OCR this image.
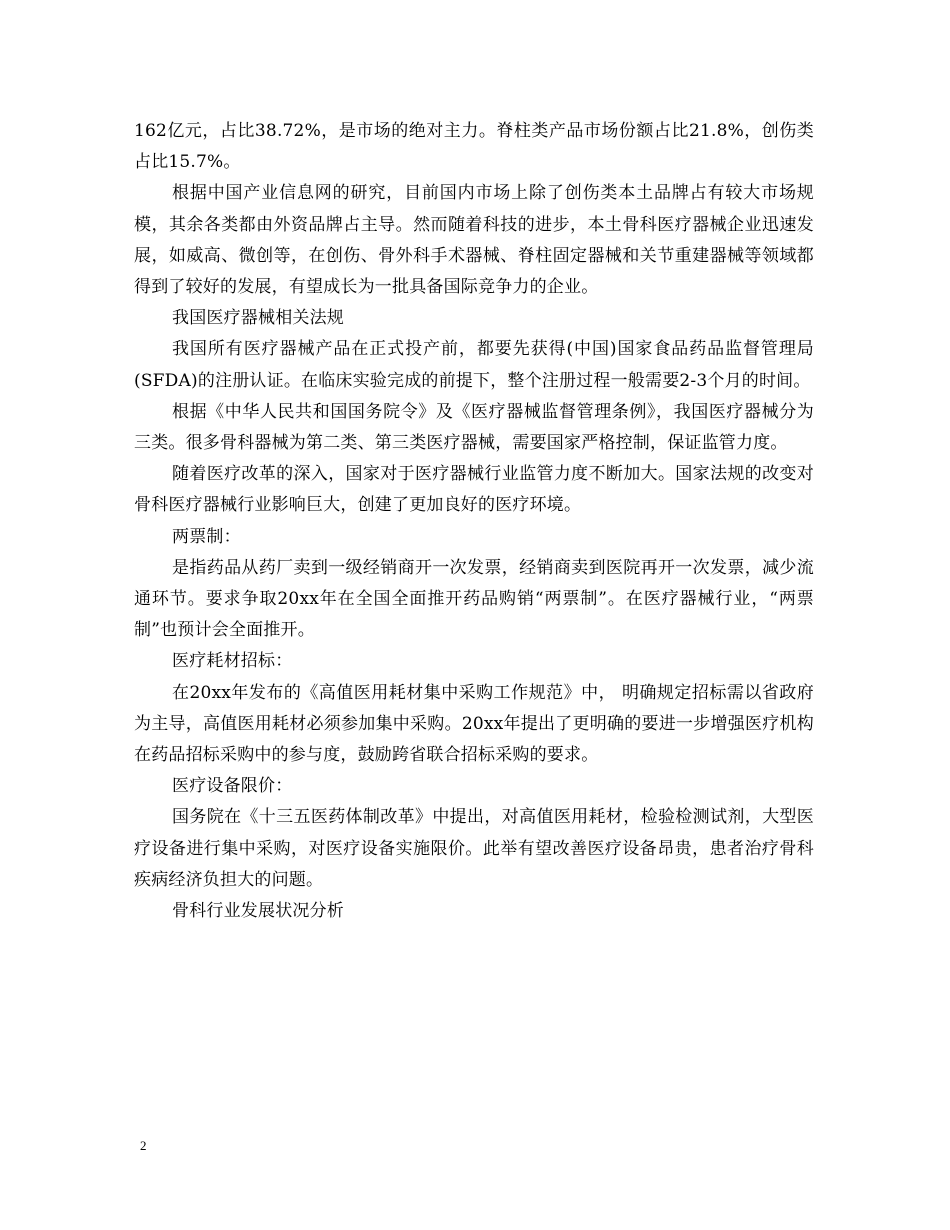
162亿元，占比38.72%，是市场的绝对主力。脊柱类产品市场份额占比21.8%，创伤类占比15.7%。

根据中国产业信息网的研究，目前国内市场上除了创伤类本土品牌占有较大市场规模，其余各类都由外资品牌占主导。然而随着科技的进步，本土骨科医疗器械企业迅速发展，如威高、微创等，在创伤、骨外科手术器械、脊柱固定器械和关节重建器械等领域都得到了较好的发展，有望成长为一批具备国际竞争力的企业。

我国医疗器械相关法规

我国所有医疗器械产品在正式投产前，都要先获得(中国)国家食品药品监督管理局 (SFDA)的注册认证。在临床实验完成的前提下，整个注册过程一般需要2-3个月的时间。

根据《中华人民共和国国务院令》及《医疗器械监督管理条例》，我国医疗器械分为三类。很多骨科器械为第二类、第三类医疗器械，需要国家严格控制，保证监管力度。

随着医疗改革的深入，国家对于医疗器械行业监管力度不断加大。国家法规的改变对骨科医疗器械行业影响巨大，创建了更加良好的医疗环境。

两票制：

是指药品从药厂卖到一级经销商开一次发票，经销商卖到医院再开一次发票，减少流通环节。要求争取20xx年在全国全面推开药品购销“两票制”。在医疗器械行业，“两票制”也预计会全面推开。

医疗耗材招标：

在20xx年发布的《高值医用耗材集中采购工作规范》中， 明确规定招标需以省政府为主导，高值医用耗材必须参加集中采购。20xx年提出了更明确的要进一步增强医疗机构在药品招标采购中的参与度，鼓励跨省联合招标采购的要求。

医疗设备限价：

国务院在《十三五医药体制改革》中提出，对高值医用耗材，检验检测试剂，大型医疗设备进行集中采购，对医疗设备实施限价。此举有望改善医疗设备昂贵，患者治疗骨科疾病经济负担大的问题。

骨科行业发展状况分析

2
